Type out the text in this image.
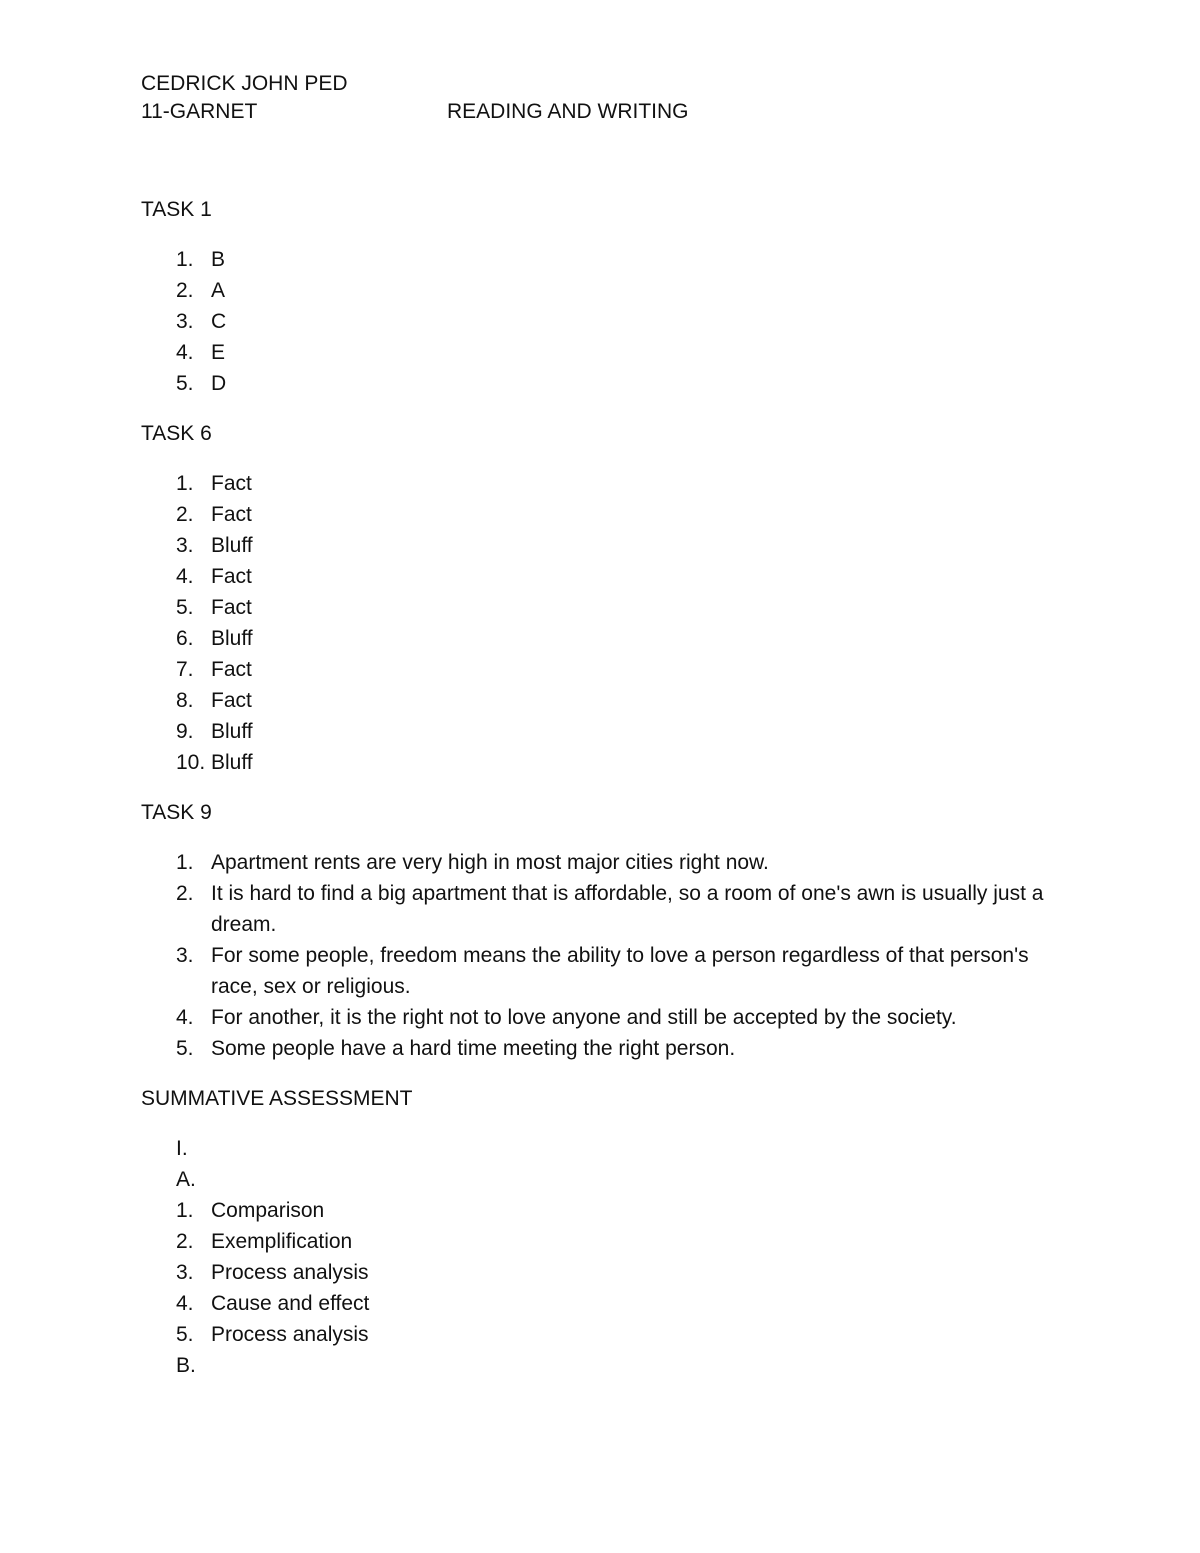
CEDRICK JOHN PED
11-GARNET	READING AND WRITING

TASK 1

1. B
2. A
3. C
4. E
5. D

TASK 6

1. Fact
2. Fact
3. Bluff
4. Fact
5. Fact
6. Bluff
7. Fact
8. Fact
9. Bluff
10. Bluff

TASK 9

1. Apartment rents are very high in most major cities right now.
2. It is hard to find a big apartment that is affordable, so a room of one's awn is usually just a dream.
3. For some people, freedom means the ability to love a person regardless of that person's race, sex or religious.
4. For another, it is the right not to love anyone and still be accepted by the society.
5. Some people have a hard time meeting the right person.

SUMMATIVE ASSESSMENT

I.
A.
1. Comparison
2. Exemplification
3. Process analysis
4. Cause and effect
5. Process analysis
B.
